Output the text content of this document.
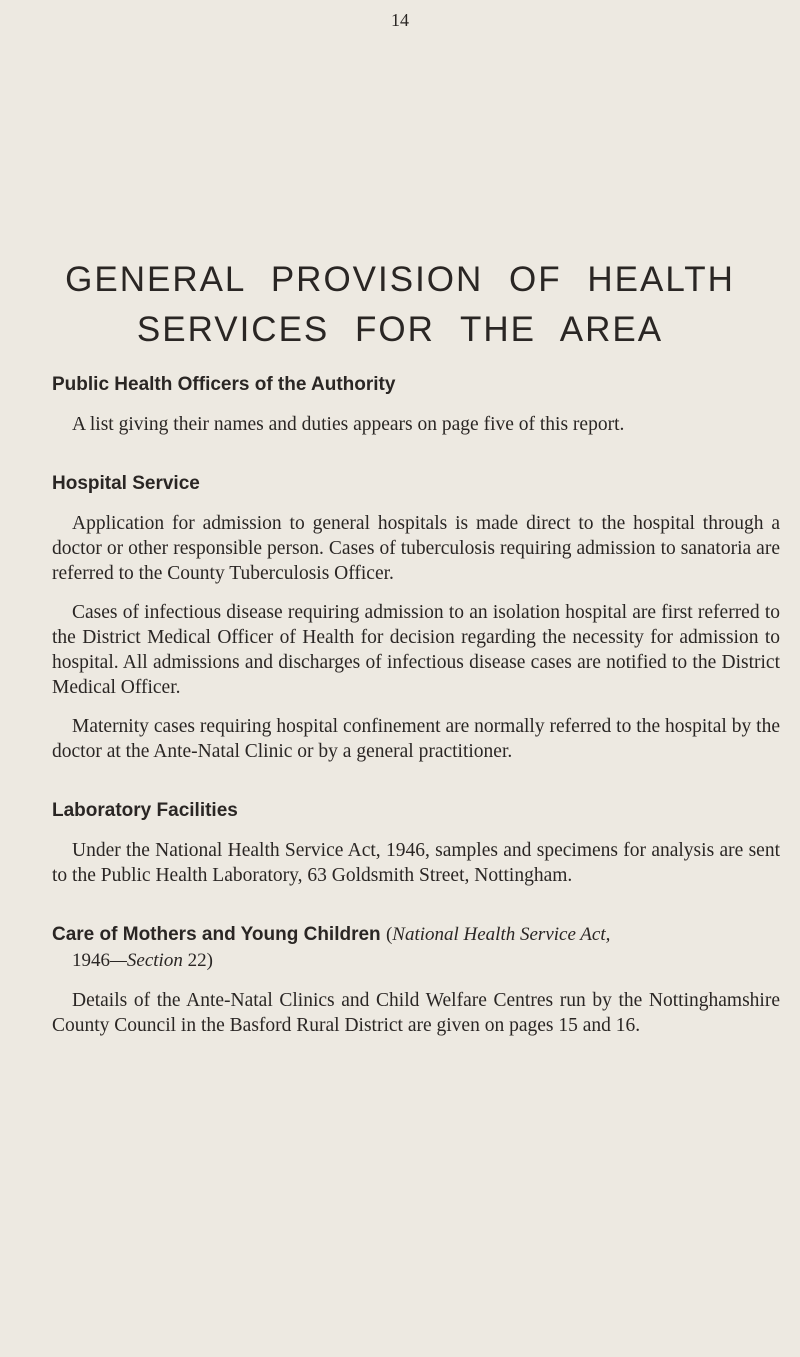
14
GENERAL PROVISION OF HEALTH
SERVICES FOR THE AREA
Public Health Officers of the Authority

A list giving their names and duties appears on page five of this report.

Hospital Service

Application for admission to general hospitals is made direct to the hospital through a doctor or other responsible person. Cases of tuberculosis requiring admission to sanatoria are referred to the County Tuberculosis Officer.

Cases of infectious disease requiring admission to an isolation hospital are first referred to the District Medical Officer of Health for decision regarding the necessity for admission to hospital. All admissions and discharges of infectious disease cases are notified to the District Medical Officer.

Maternity cases requiring hospital confinement are normally referred to the hospital by the doctor at the Ante-Natal Clinic or by a general practitioner.

Laboratory Facilities

Under the National Health Service Act, 1946, samples and specimens for analysis are sent to the Public Health Laboratory, 63 Goldsmith Street, Nottingham.

Care of Mothers and Young Children (National Health Service Act,
1946—Section 22)

Details of the Ante-Natal Clinics and Child Welfare Centres run by the Nottinghamshire County Council in the Basford Rural District are given on pages 15 and 16.
